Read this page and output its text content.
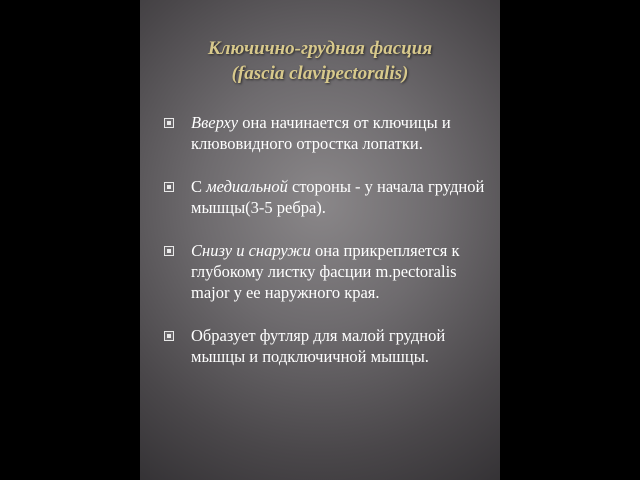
Ключично-грудная фасция
(fascia clavipectoralis)
Вверху она начинается от ключицы и клювовидного отростка лопатки.
С медиальной стороны - у начала грудной мышцы(3-5 ребра).
Снизу и снаружи она прикрепляется к глубокому листку фасции m.pectoralis major у ее наружного края.
Образует футляр для малой грудной мышцы и подключичной мышцы.
